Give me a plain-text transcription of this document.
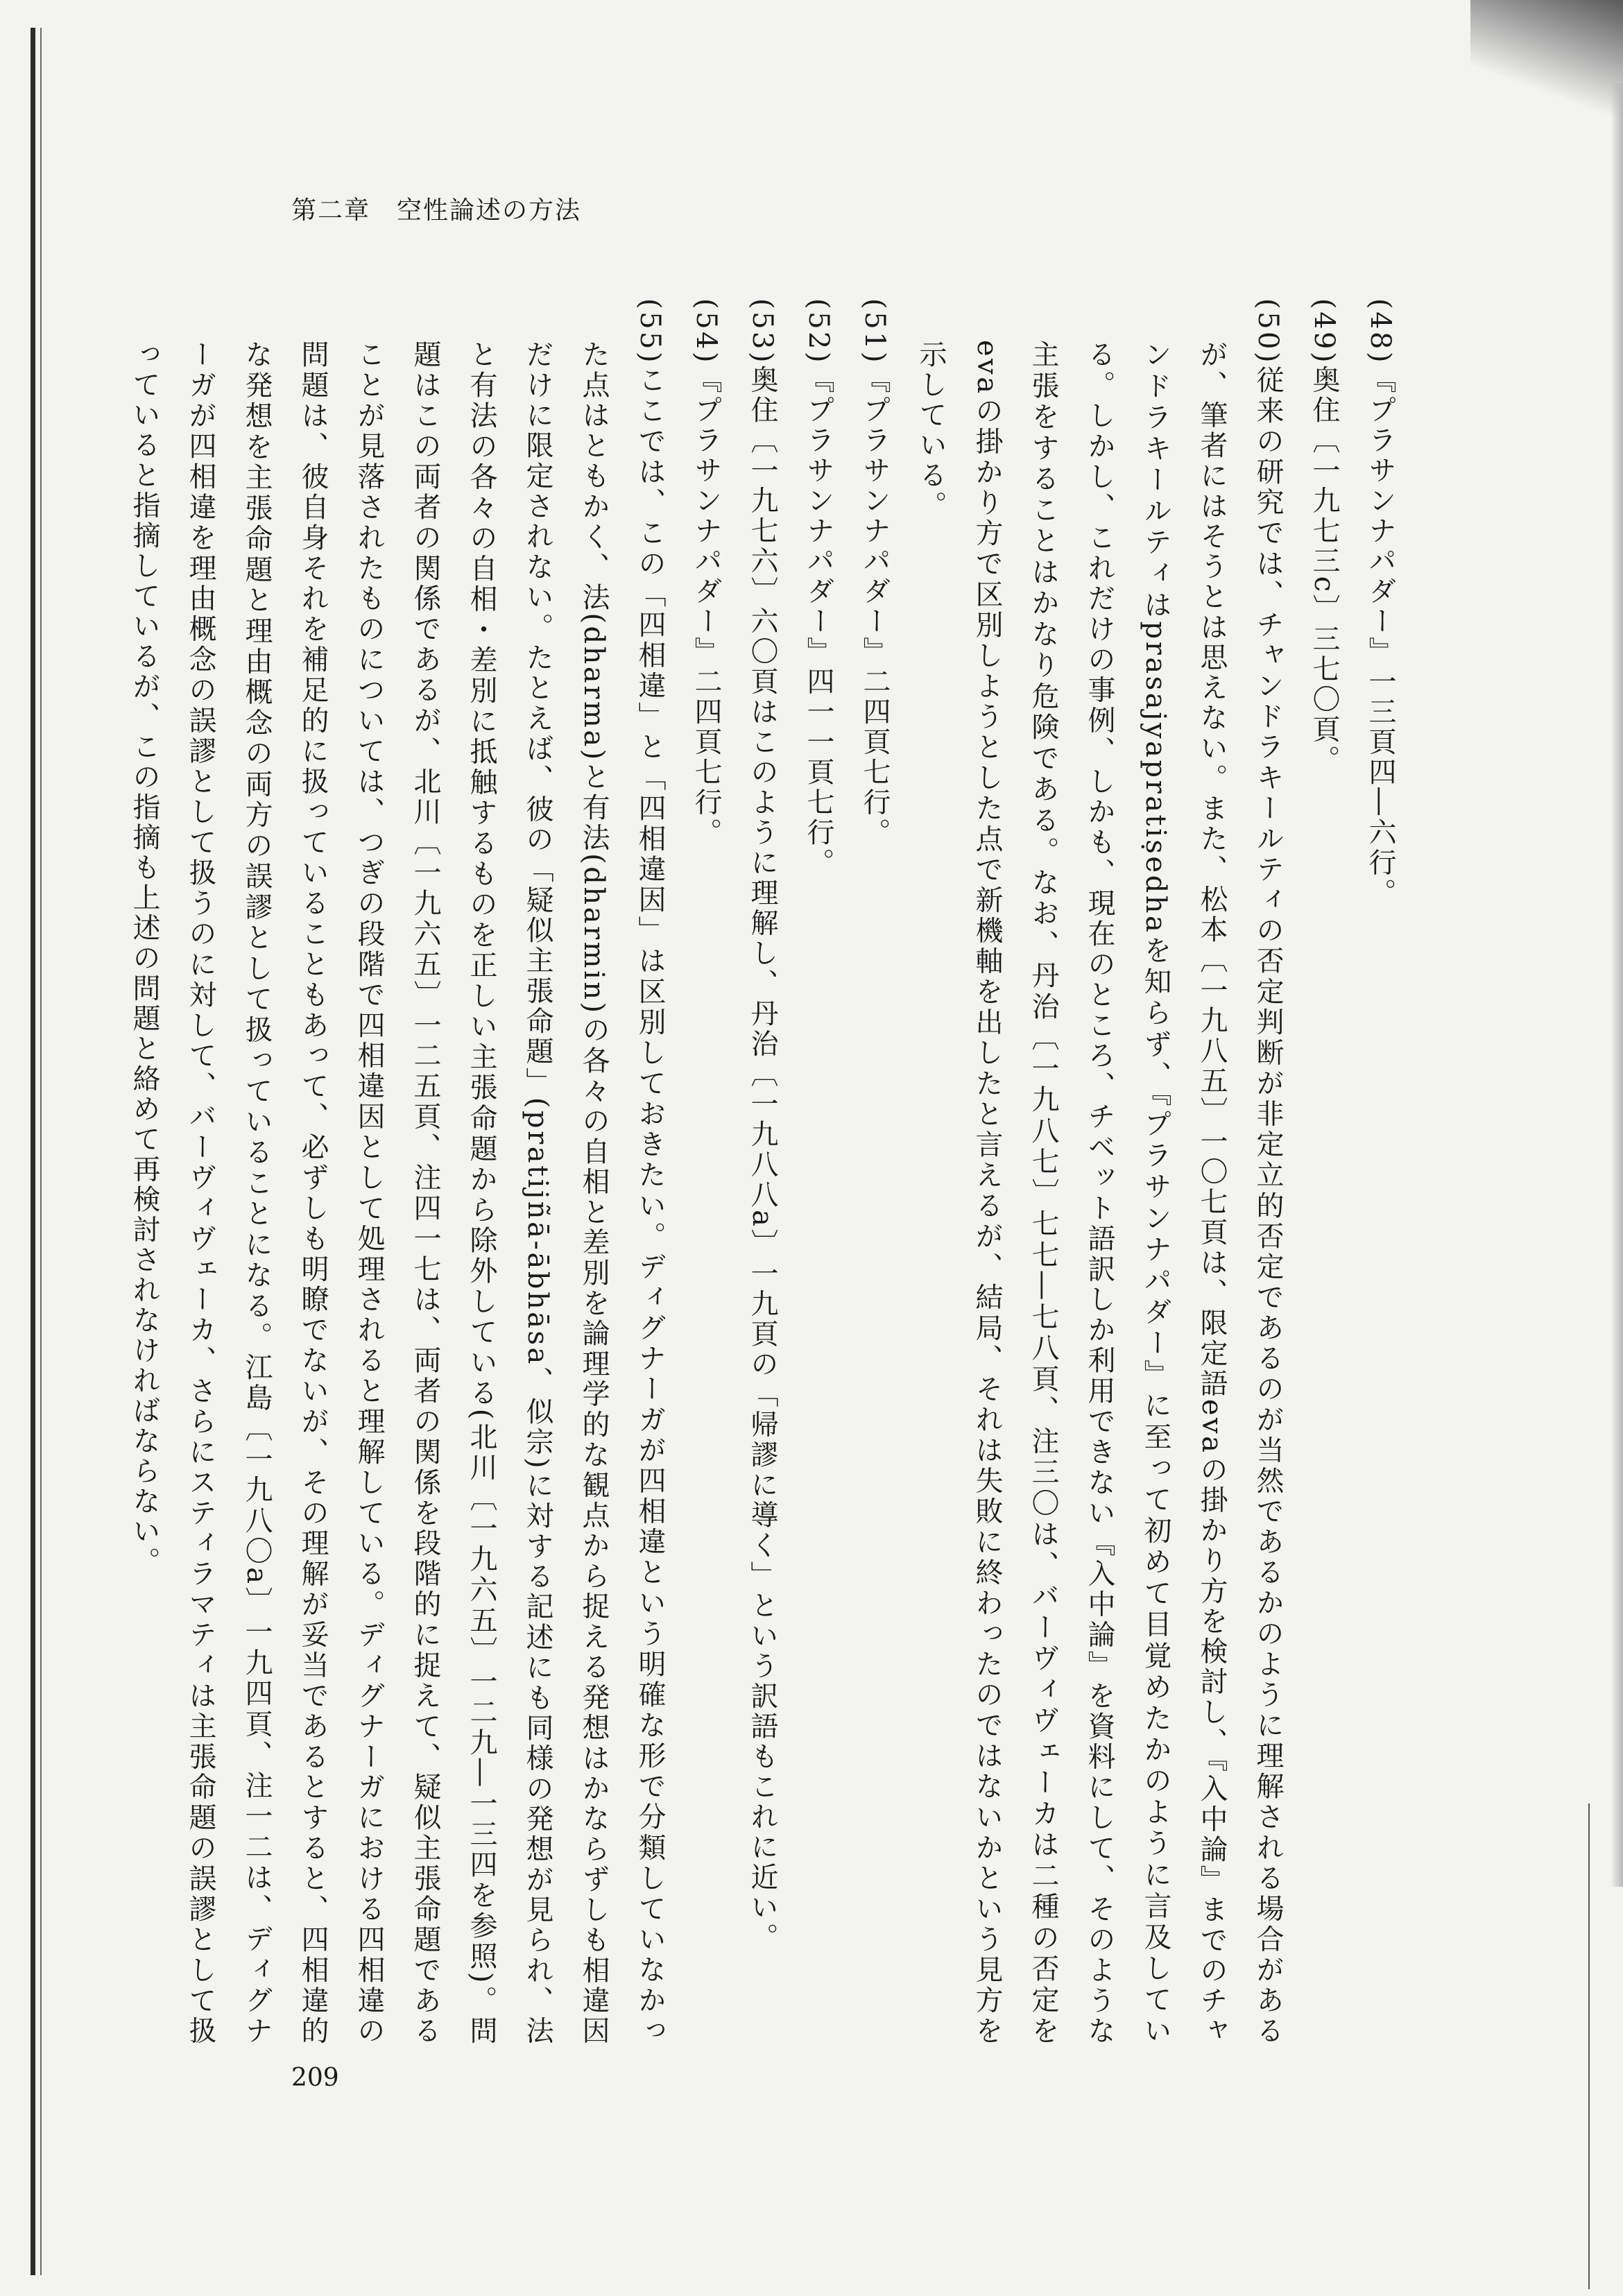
第二章　空性論述の方法

(48)『プラサンナパダー』一三頁四―六行。

(49)奥住〔一九七三c〕三七〇頁。

(50)従来の研究では、チャンドラキールティの否定判断が非定立的否定であるのが当然であるかのように理解される場合があるが、筆者にはそうとは思えない。また、松本〔一九八五〕一〇七頁は、限定語evaの掛かり方を検討し、『入中論』までのチャンドラキールティはprasajyapratiṣedhaを知らず、『プラサンナパダー』に至って初めて目覚めたかのように言及している。しかし、これだけの事例、しかも、現在のところ、チベット語訳しか利用できない『入中論』を資料にして、そのような主張をすることはかなり危険である。なお、丹治〔一九八七〕七七―七八頁、注三〇は、バーヴィヴェーカは二種の否定をevaの掛かり方で区別しようとした点で新機軸を出したと言えるが、結局、それは失敗に終わったのではないかという見方を示している。

(51)『プラサンナパダー』二四頁七行。

(52)『プラサンナパダー』四一一頁七行。

(53)奥住〔一九七六〕六〇頁はこのように理解し、丹治〔一九八八a〕一九頁の「帰謬に導く」という訳語もこれに近い。

(54)『プラサンナパダー』二四頁七行。

(55)ここでは、この「四相違」と「四相違因」は区別しておきたい。ディグナーガが四相違という明確な形で分類していなかった点はともかく、法(dharma)と有法(dharmin)の各々の自相と差別を論理学的な観点から捉える発想はかならずしも相違因だけに限定されない。たとえば、彼の「疑似主張命題」(pratijñā-ābhāsa、似宗)に対する記述にも同様の発想が見られ、法と有法の各々の自相・差別に抵触するものを正しい主張命題から除外している(北川〔一九六五〕一二九―一三四を参照)。問題はこの両者の関係であるが、北川〔一九六五〕一二五頁、注四一七は、両者の関係を段階的に捉えて、疑似主張命題であることが見落されたものについては、つぎの段階で四相違因として処理されると理解している。ディグナーガにおける四相違の問題は、彼自身それを補足的に扱っていることもあって、必ずしも明瞭でないが、その理解が妥当であるとすると、四相違的な発想を主張命題と理由概念の両方の誤謬として扱っていることになる。江島〔一九八〇a〕一九四頁、注一二は、ディグナーガが四相違を理由概念の誤謬として扱うのに対して、バーヴィヴェーカ、さらにスティラマティは主張命題の誤謬として扱っていると指摘しているが、この指摘も上述の問題と絡めて再検討されなければならない。

209
